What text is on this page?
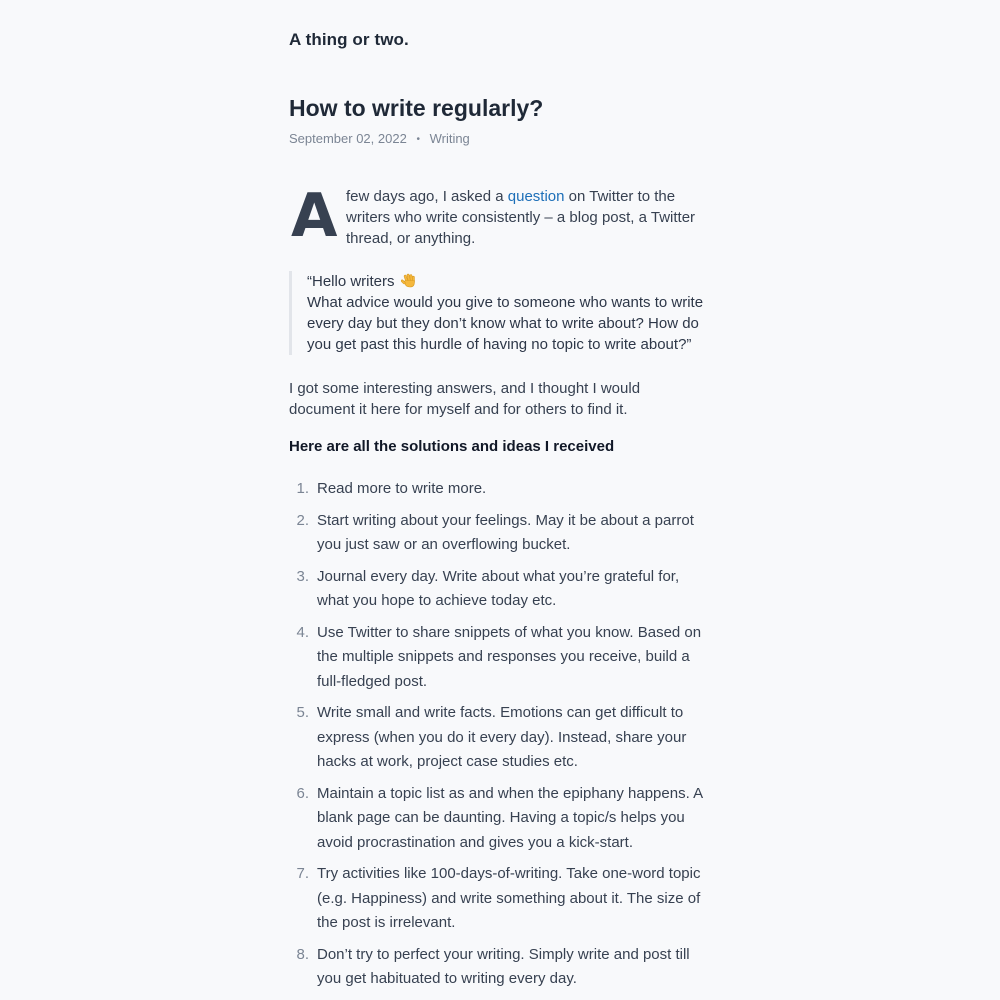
A thing or two.
How to write regularly?
September 02, 2022 • Writing
A few days ago, I asked a question on Twitter to the writers who write consistently – a blog post, a Twitter thread, or anything.

“Hello writers

What advice would you give to someone who wants to write every day but they don’t know what to write about? How do you get past this hurdle of having no topic to write about?”

I got some interesting answers, and I thought I would document it here for myself and for others to find it.

Here are all the solutions and ideas I received
1. Read more to write more.
2. Start writing about your feelings. May it be about a parrot you just saw or an overflowing bucket.
3. Journal every day. Write about what you’re grateful for, what you hope to achieve today etc.
4. Use Twitter to share snippets of what you know. Based on the multiple snippets and responses you receive, build a full-fledged post.
5. Write small and write facts. Emotions can get difficult to express (when you do it every day). Instead, share your hacks at work, project case studies etc.
6. Maintain a topic list as and when the epiphany happens. A blank page can be daunting. Having a topic/s helps you avoid procrastination and gives you a kick-start.
7. Try activities like 100-days-of-writing. Take one-word topic (e.g. Happiness) and write something about it. The size of the post is irrelevant.
8. Don’t try to perfect your writing. Simply write and post till you get habituated to writing every day.
